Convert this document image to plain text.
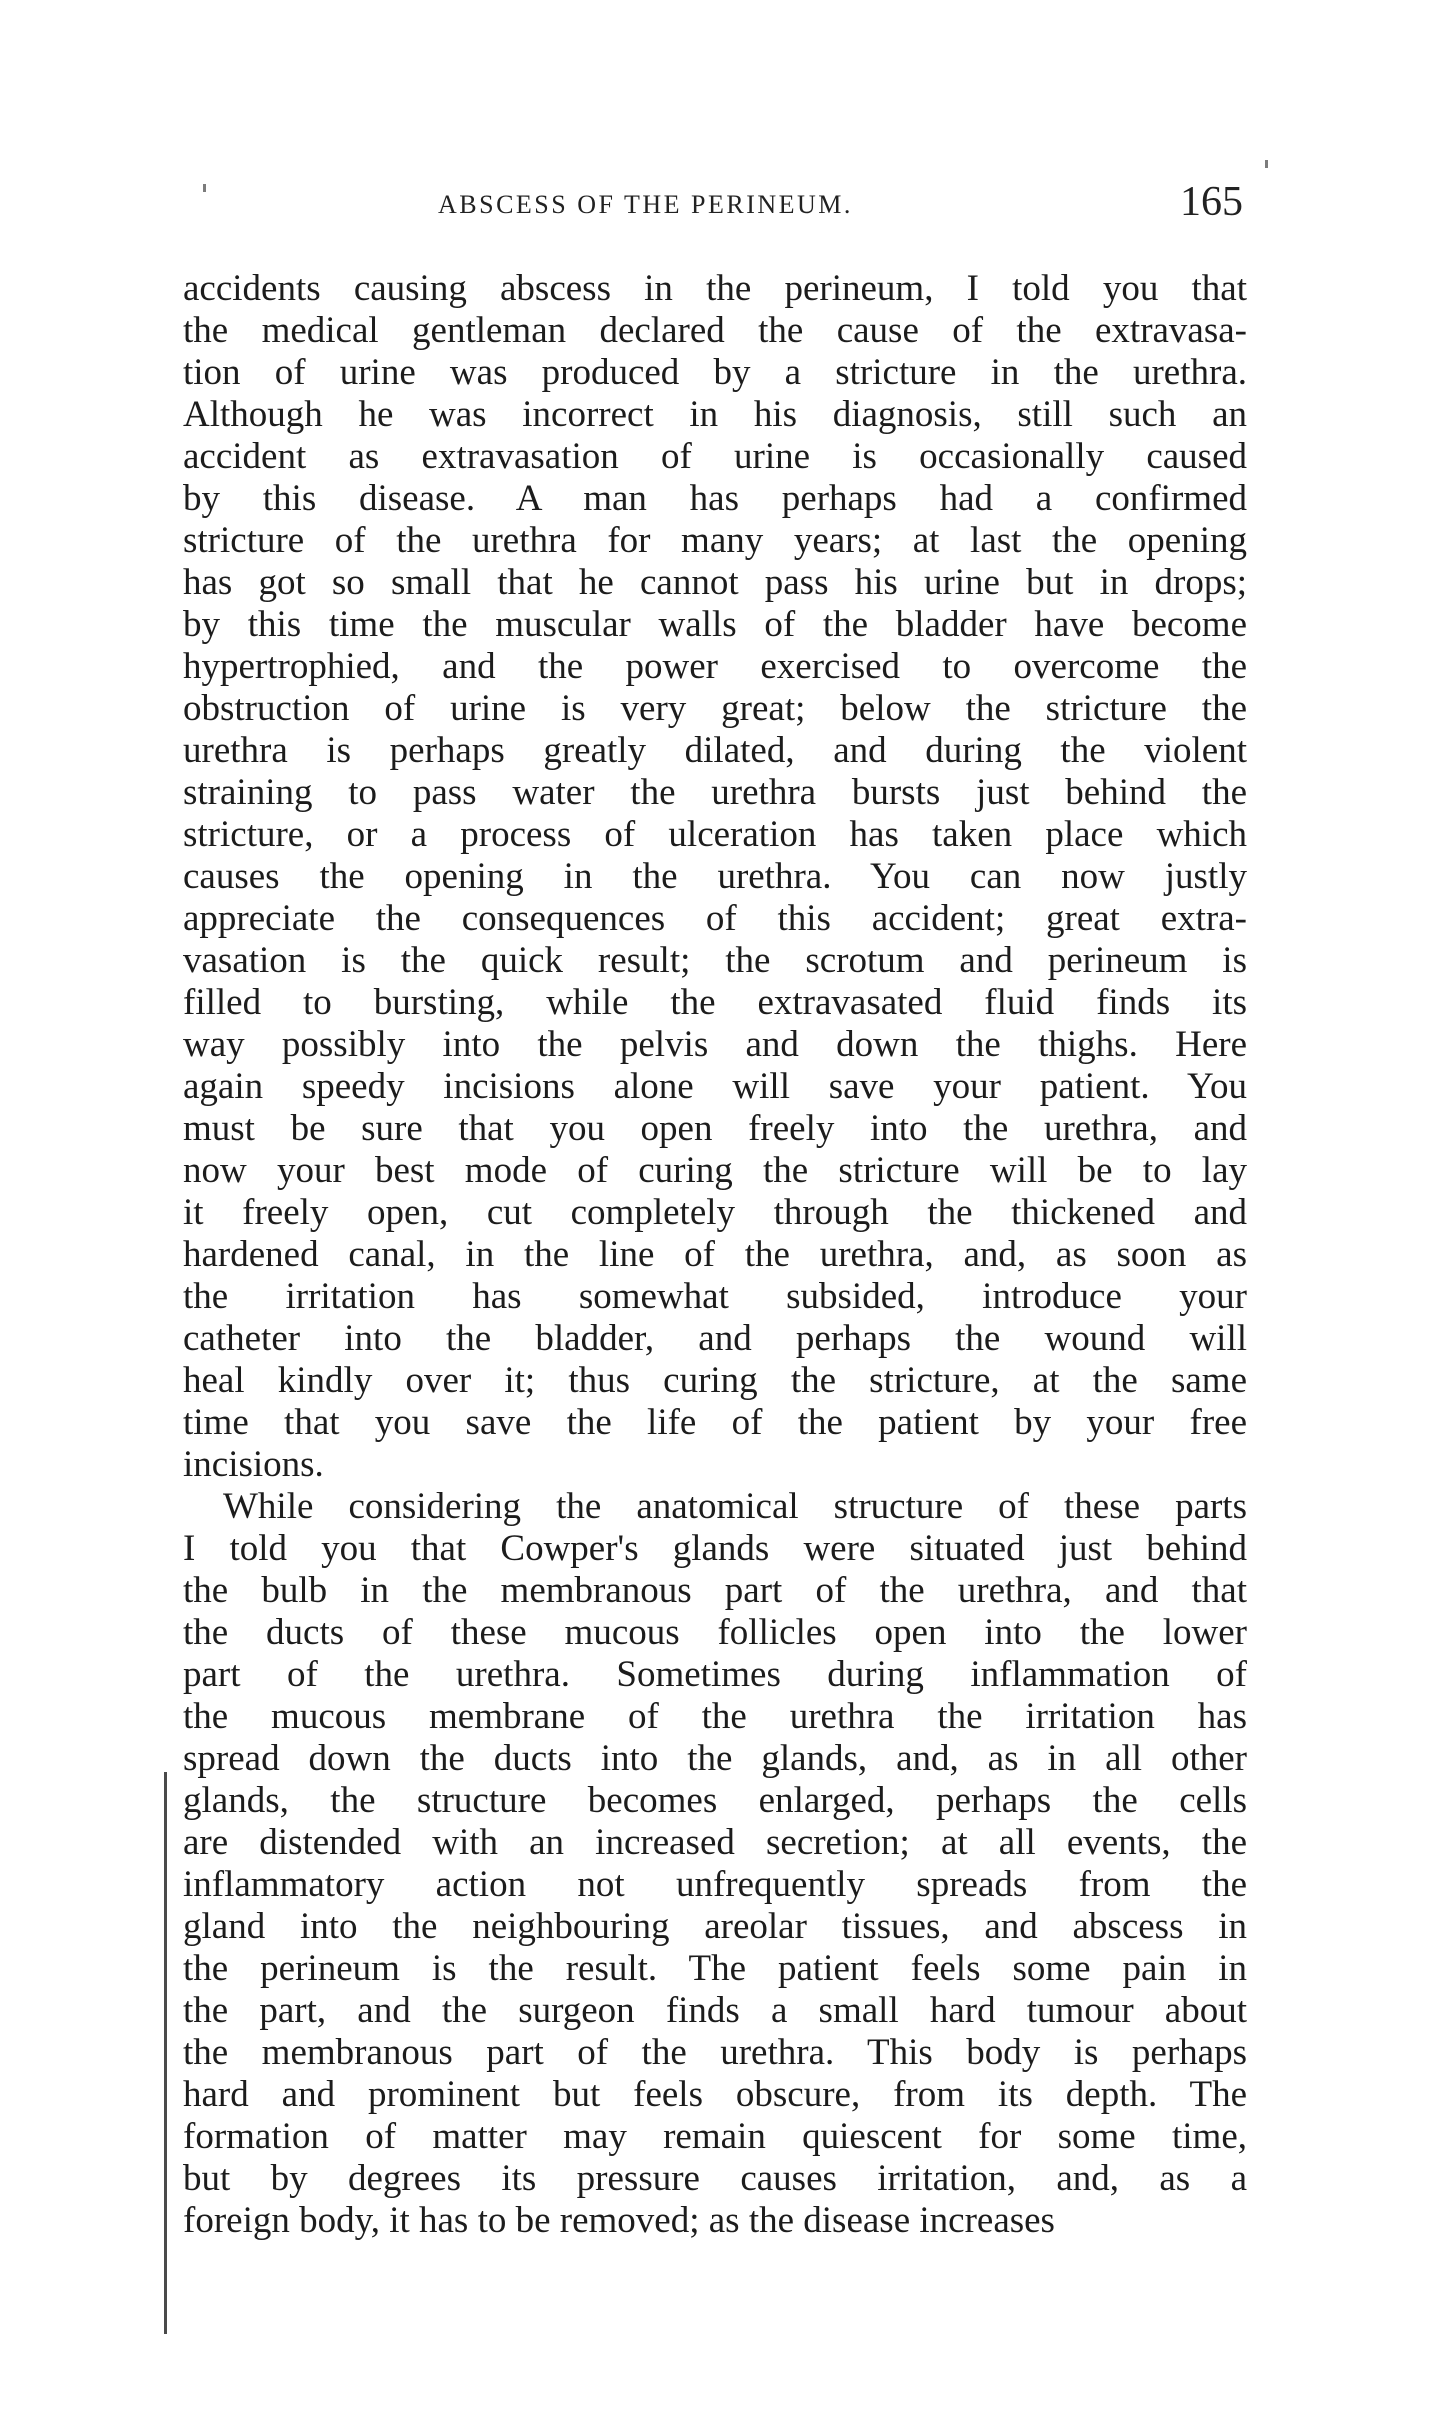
ABSCESS OF THE PERINEUM.	165
accidents causing abscess in the perineum, I told you that
the medical gentleman declared the cause of the extravasa-
tion of urine was produced by a stricture in the urethra.
Although he was incorrect in his diagnosis, still such an
accident as extravasation of urine is occasionally caused
by this disease. A man has perhaps had a confirmed
stricture of the urethra for many years; at last the opening
has got so small that he cannot pass his urine but in drops;
by this time the muscular walls of the bladder have become
hypertrophied, and the power exercised to overcome the
obstruction of urine is very great; below the stricture the
urethra is perhaps greatly dilated, and during the violent
straining to pass water the urethra bursts just behind the
stricture, or a process of ulceration has taken place which
causes the opening in the urethra. You can now justly
appreciate the consequences of this accident; great extra-
vasation is the quick result; the scrotum and perineum is
filled to bursting, while the extravasated fluid finds its
way possibly into the pelvis and down the thighs. Here
again speedy incisions alone will save your patient. You
must be sure that you open freely into the urethra, and
now your best mode of curing the stricture will be to lay
it freely open, cut completely through the thickened and
hardened canal, in the line of the urethra, and, as soon as
the irritation has somewhat subsided, introduce your
catheter into the bladder, and perhaps the wound will
heal kindly over it; thus curing the stricture, at the same
time that you save the life of the patient by your free
incisions.
While considering the anatomical structure of these parts
I told you that Cowper's glands were situated just behind
the bulb in the membranous part of the urethra, and that
the ducts of these mucous follicles open into the lower
part of the urethra. Sometimes during inflammation of
the mucous membrane of the urethra the irritation has
spread down the ducts into the glands, and, as in all other
glands, the structure becomes enlarged, perhaps the cells
are distended with an increased secretion; at all events, the
inflammatory action not unfrequently spreads from the
gland into the neighbouring areolar tissues, and abscess in
the perineum is the result. The patient feels some pain in
the part, and the surgeon finds a small hard tumour about
the membranous part of the urethra. This body is perhaps
hard and prominent but feels obscure, from its depth. The
formation of matter may remain quiescent for some time,
but by degrees its pressure causes irritation, and, as a
foreign body, it has to be removed; as the disease increases
